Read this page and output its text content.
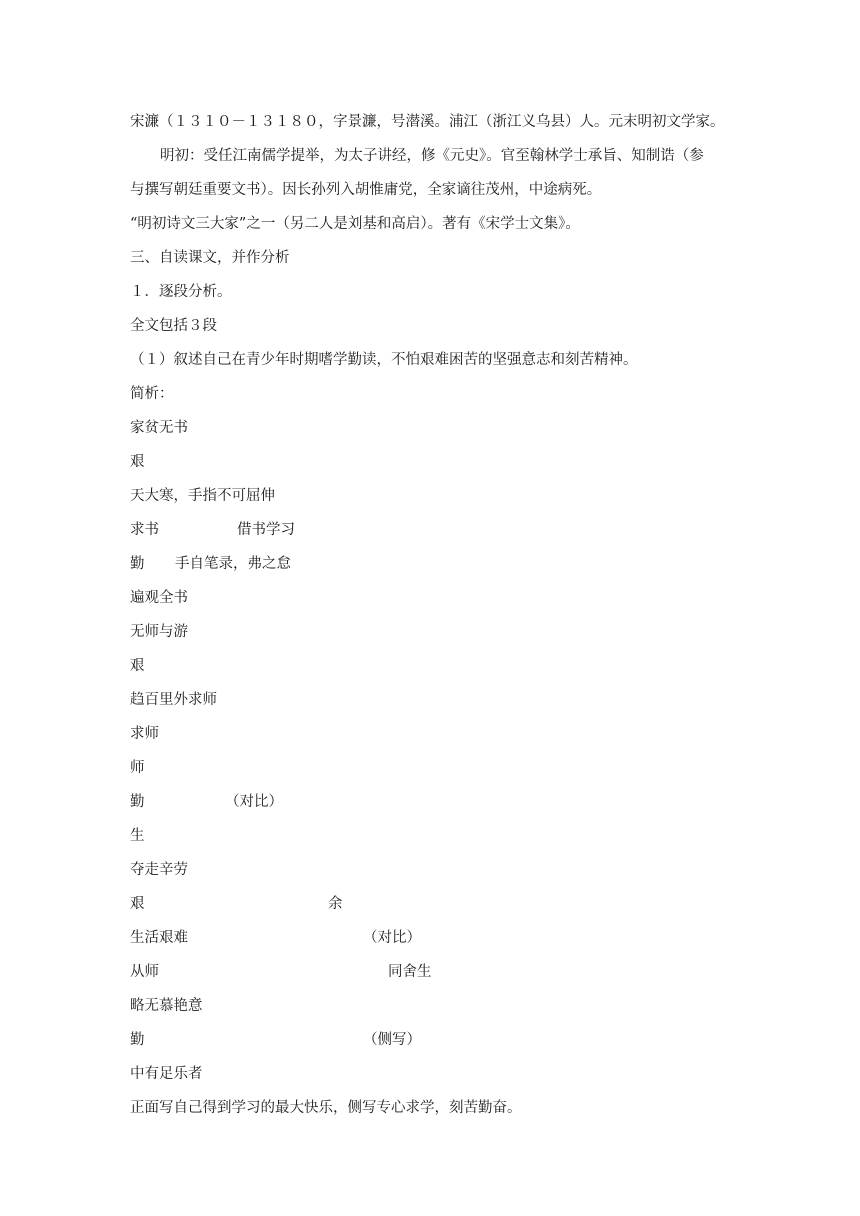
宋濂（１３１０－１３１８０，字景濂，号潜溪。浦江（浙江义乌县）人。元末明初文学家。
明初：受任江南儒学提举，为太子讲经，修《元史》。官至翰林学士承旨、知制诰（参
与撰写朝廷重要文书）。因长孙列入胡惟庸党，全家谪往茂州，中途病死。
“明初诗文三大家”之一（另二人是刘基和高启）。著有《宋学士文集》。
三、自读课文，并作分析
１．逐段分析。
全文包括３段
（１）叙述自己在青少年时期嗜学勤读，不怕艰难困苦的坚强意志和刻苦精神。
简析：
家贫无书
艰
天大寒，手指不可屈伸
求书	借书学习
勤 手自笔录，弗之怠
遍观全书
无师与游
艰
趋百里外求师
求师
师
勤	（对比）
生
夺走辛劳
艰	余
生活艰难	（对比）
从师	同舍生
略无慕艳意
勤	（侧写）
中有足乐者
正面写自己得到学习的最大快乐，侧写专心求学，刻苦勤奋。
